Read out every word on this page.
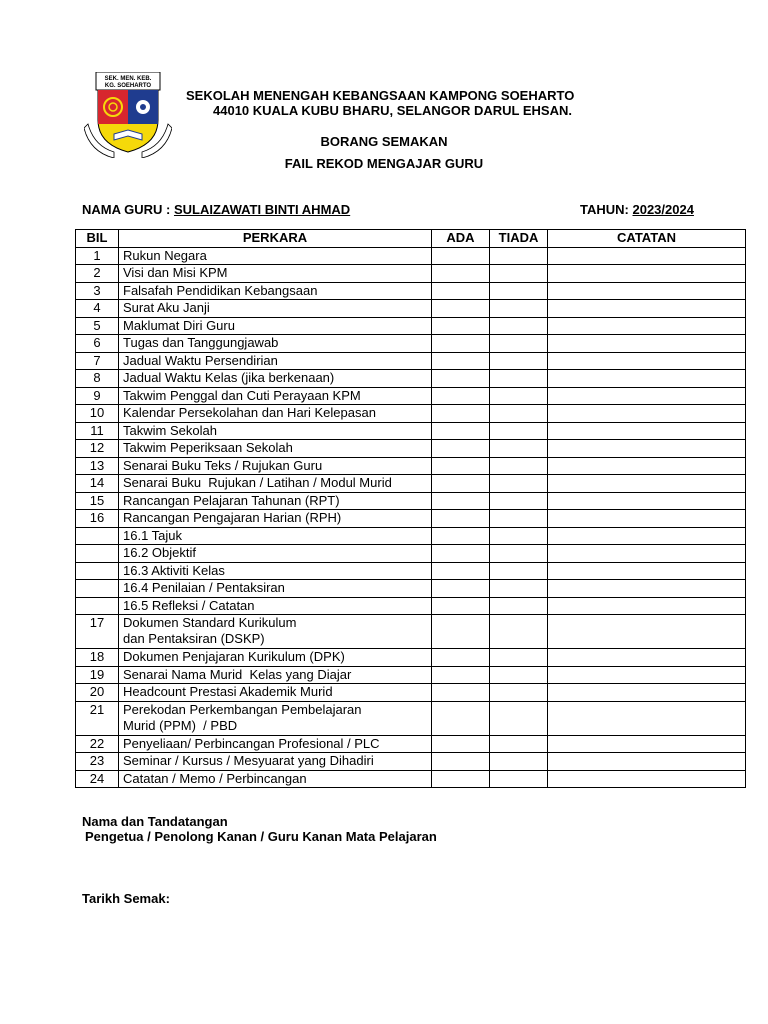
SEK. MEN. KEB.
KG. SOEHARTO
SEKOLAH MENENGAH KEBANGSAAN KAMPONG SOEHARTO
44010 KUALA KUBU BHARU, SELANGOR DARUL EHSAN.
BORANG SEMAKAN
FAIL REKOD MENGAJAR GURU
NAMA GURU : SULAIZAWATI BINTI AHMAD	TAHUN: 2023/2024
BIL	PERKARA	ADA	TIADA	CATATAN
1	Rukun Negara			
2	Visi dan Misi KPM			
3	Falsafah Pendidikan Kebangsaan			
4	Surat Aku Janji			
5	Maklumat Diri Guru			
6	Tugas dan Tanggungjawab			
7	Jadual Waktu Persendirian			
8	Jadual Waktu Kelas (jika berkenaan)			
9	Takwim Penggal dan Cuti Perayaan KPM			
10	Kalendar Persekolahan dan Hari Kelepasan			
11	Takwim Sekolah			
12	Takwim Peperiksaan Sekolah			
13	Senarai Buku Teks / Rujukan Guru			
14	Senarai Buku  Rujukan / Latihan / Modul Murid			
15	Rancangan Pelajaran Tahunan (RPT)			
16	Rancangan Pengajaran Harian (RPH)			
	16.1 Tajuk			
	16.2 Objektif			
	16.3 Aktiviti Kelas			
	16.4 Penilaian / Pentaksiran			
	16.5 Refleksi / Catatan			
17	Dokumen Standard Kurikulum
dan Pentaksiran (DSKP)			
18	Dokumen Penjajaran Kurikulum (DPK)			
19	Senarai Nama Murid  Kelas yang Diajar			
20	Headcount Prestasi Akademik Murid			
21	Perekodan Perkembangan Pembelajaran
Murid (PPM)  / PBD			
22	Penyeliaan/ Perbincangan Profesional / PLC			
23	Seminar / Kursus / Mesyuarat yang Dihadiri			
24	Catatan / Memo / Perbincangan			
Nama dan Tandatangan
Pengetua / Penolong Kanan / Guru Kanan Mata Pelajaran
Tarikh Semak:
